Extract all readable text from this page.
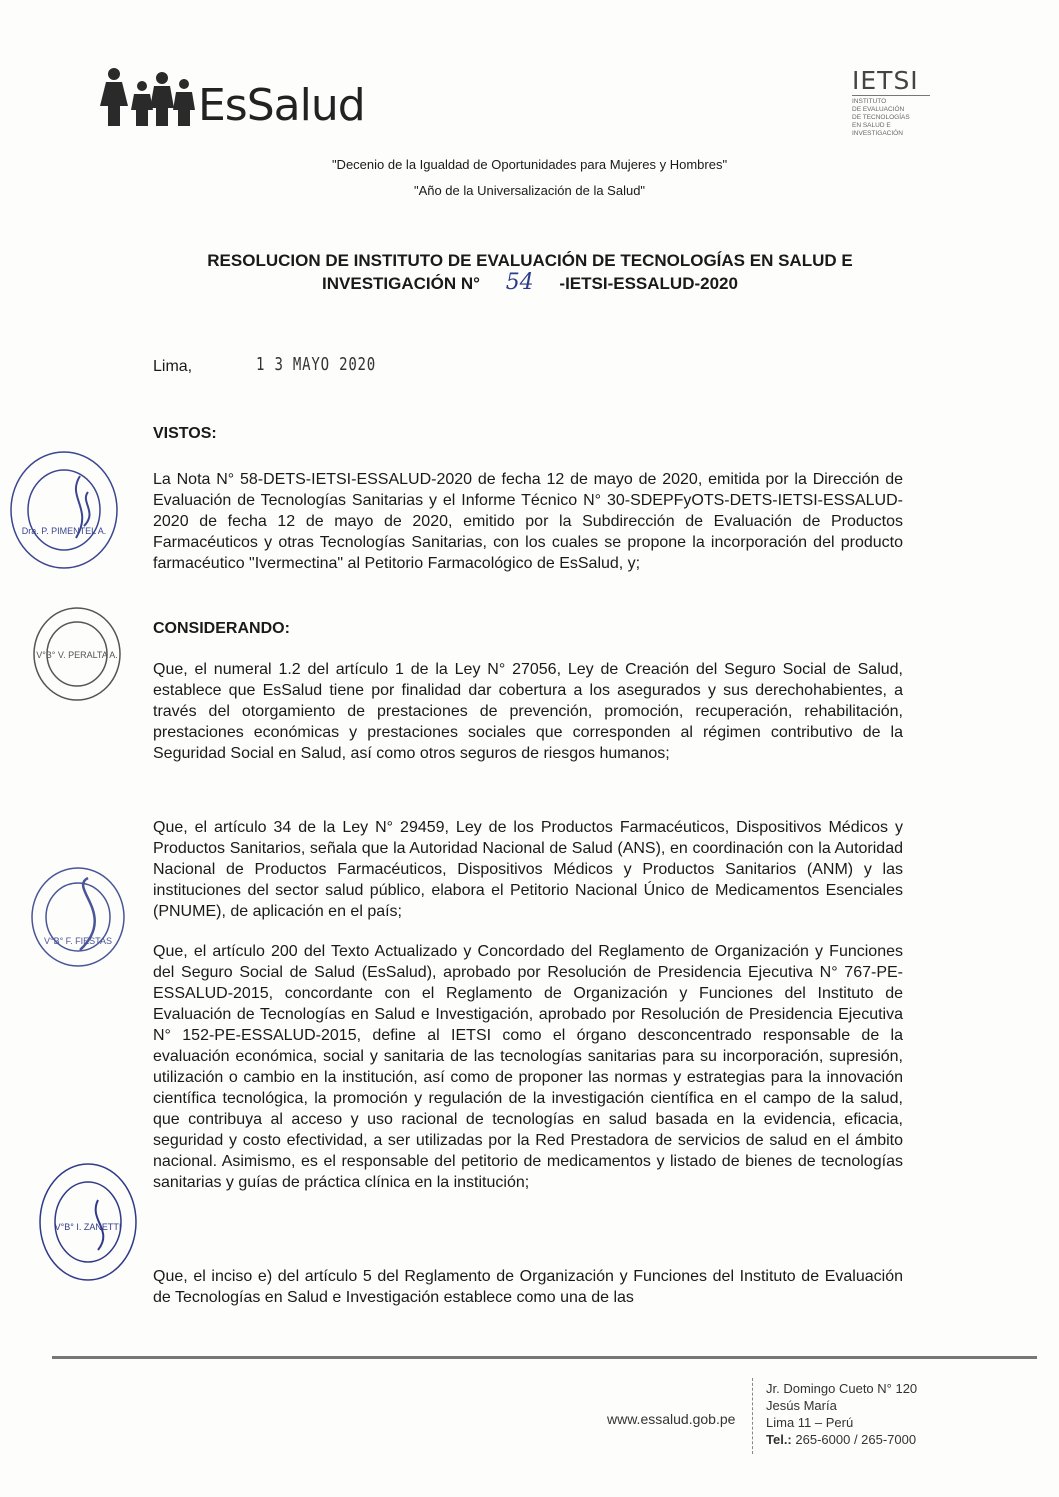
EsSalud	IETSI
INSTITUTO
DE EVALUACIÓN
DE TECNOLOGÍAS
EN SALUD E
INVESTIGACIÓN
"Decenio de la Igualdad de Oportunidades para Mujeres y Hombres"
"Año de la Universalización de la Salud"
RESOLUCION DE INSTITUTO DE EVALUACIÓN DE TECNOLOGÍAS EN SALUD E
INVESTIGACIÓN N° 54 -IETSI-ESSALUD-2020
Lima,	1 3 MAYO 2020
VISTOS:
La Nota N° 58-DETS-IETSI-ESSALUD-2020 de fecha 12 de mayo de 2020, emitida por la Dirección de Evaluación de Tecnologías Sanitarias y el Informe Técnico N° 30-SDEPFyOTS-DETS-IETSI-ESSALUD-2020 de fecha 12 de mayo de 2020, emitido por la Subdirección de Evaluación de Productos Farmacéuticos y otras Tecnologías Sanitarias, con los cuales se propone la incorporación del producto farmacéutico "Ivermectina" al Petitorio Farmacológico de EsSalud, y;
CONSIDERANDO:
Que, el numeral 1.2 del artículo 1 de la Ley N° 27056, Ley de Creación del Seguro Social de Salud, establece que EsSalud tiene por finalidad dar cobertura a los asegurados y sus derechohabientes, a través del otorgamiento de prestaciones de prevención, promoción, recuperación, rehabilitación, prestaciones económicas y prestaciones sociales que corresponden al régimen contributivo de la Seguridad Social en Salud, así como otros seguros de riesgos humanos;
Que, el artículo 34 de la Ley N° 29459, Ley de los Productos Farmacéuticos, Dispositivos Médicos y Productos Sanitarios, señala que la Autoridad Nacional de Salud (ANS), en coordinación con la Autoridad Nacional de Productos Farmacéuticos, Dispositivos Médicos y Productos Sanitarios (ANM) y las instituciones del sector salud público, elabora el Petitorio Nacional Único de Medicamentos Esenciales (PNUME), de aplicación en el país;
Que, el artículo 200 del Texto Actualizado y Concordado del Reglamento de Organización y Funciones del Seguro Social de Salud (EsSalud), aprobado por Resolución de Presidencia Ejecutiva N° 767-PE-ESSALUD-2015, concordante con el Reglamento de Organización y Funciones del Instituto de Evaluación de Tecnologías en Salud e Investigación, aprobado por Resolución de Presidencia Ejecutiva N° 152-PE-ESSALUD-2015, define al IETSI como el órgano desconcentrado responsable de la evaluación económica, social y sanitaria de las tecnologías sanitarias para su incorporación, supresión, utilización o cambio en la institución, así como de proponer las normas y estrategias para la innovación científica tecnológica, la promoción y regulación de la investigación científica en el campo de la salud, que contribuya al acceso y uso racional de tecnologías en salud basada en la evidencia, eficacia, seguridad y costo efectividad, a ser utilizadas por la Red Prestadora de servicios de salud en el ámbito nacional. Asimismo, es el responsable del petitorio de medicamentos y listado de bienes de tecnologías sanitarias y guías de práctica clínica en la institución;
Que, el inciso e) del artículo 5 del Reglamento de Organización y Funciones del Instituto de Evaluación de Tecnologías en Salud e Investigación establece como una de las
Dra. P. PIMENTEL A.
V°B° V. PERALTA A.
V°B° F. FIESTAS
V°B° I. ZANETTI
www.essalud.gob.pe
Jr. Domingo Cueto N° 120
Jesús María
Lima 11 – Perú
Tel.: 265-6000 / 265-7000
